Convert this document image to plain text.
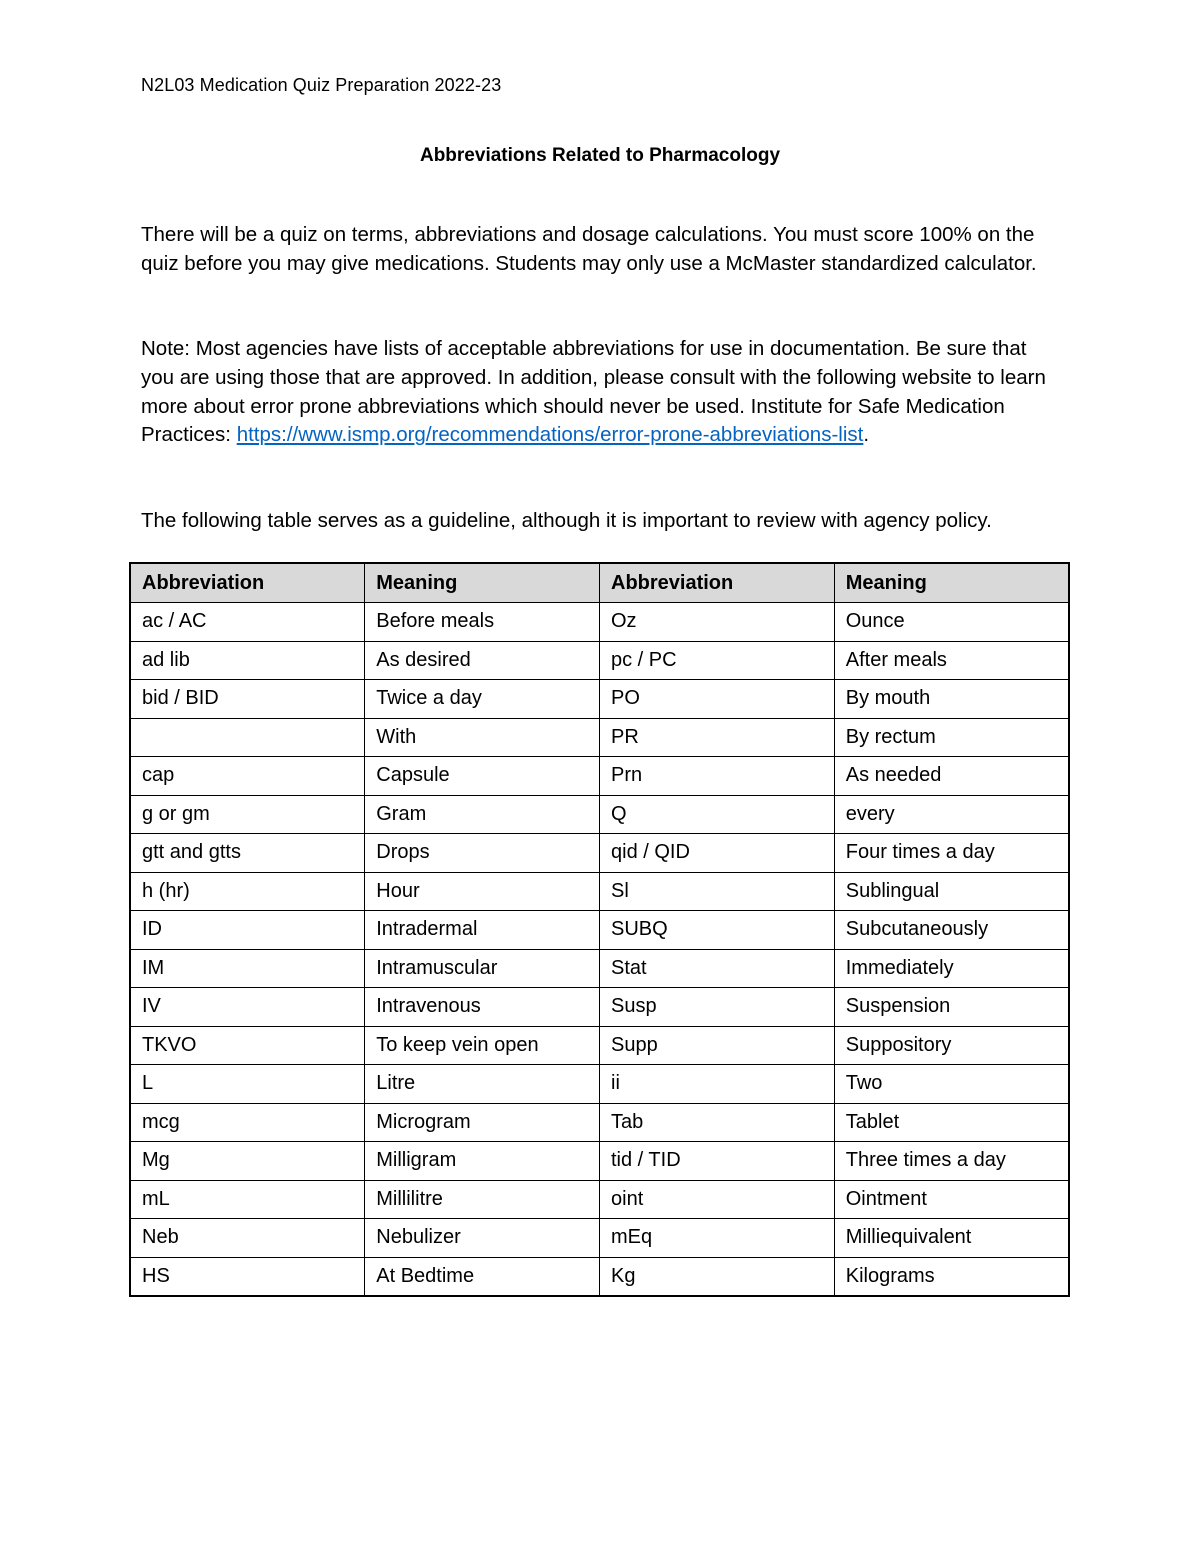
N2L03 Medication Quiz Preparation 2022-23
Abbreviations Related to Pharmacology

There will be a quiz on terms, abbreviations and dosage calculations. You must score 100% on the quiz before you may give medications. Students may only use a McMaster standardized calculator.

Note: Most agencies have lists of acceptable abbreviations for use in documentation. Be sure that you are using those that are approved. In addition, please consult with the following website to learn more about error prone abbreviations which should never be used. Institute for Safe Medication Practices: https://www.ismp.org/recommendations/error-prone-abbreviations-list.

The following table serves as a guideline, although it is important to review with agency policy.

Abbreviation	Meaning	Abbreviation	Meaning
ac / AC	Before meals	Oz	Ounce
ad lib	As desired	pc / PC	After meals
bid / BID	Twice a day	PO	By mouth
	With	PR	By rectum
cap	Capsule	Prn	As needed
g or gm	Gram	Q	every
gtt and gtts	Drops	qid / QID	Four times a day
h (hr)	Hour	Sl	Sublingual
ID	Intradermal	SUBQ	Subcutaneously
IM	Intramuscular	Stat	Immediately
IV	Intravenous	Susp	Suspension
TKVO	To keep vein open	Supp	Suppository
L	Litre	ii	Two
mcg	Microgram	Tab	Tablet
Mg	Milligram	tid / TID	Three times a day
mL	Millilitre	oint	Ointment
Neb	Nebulizer	mEq	Milliequivalent
HS	At Bedtime	Kg	Kilograms
